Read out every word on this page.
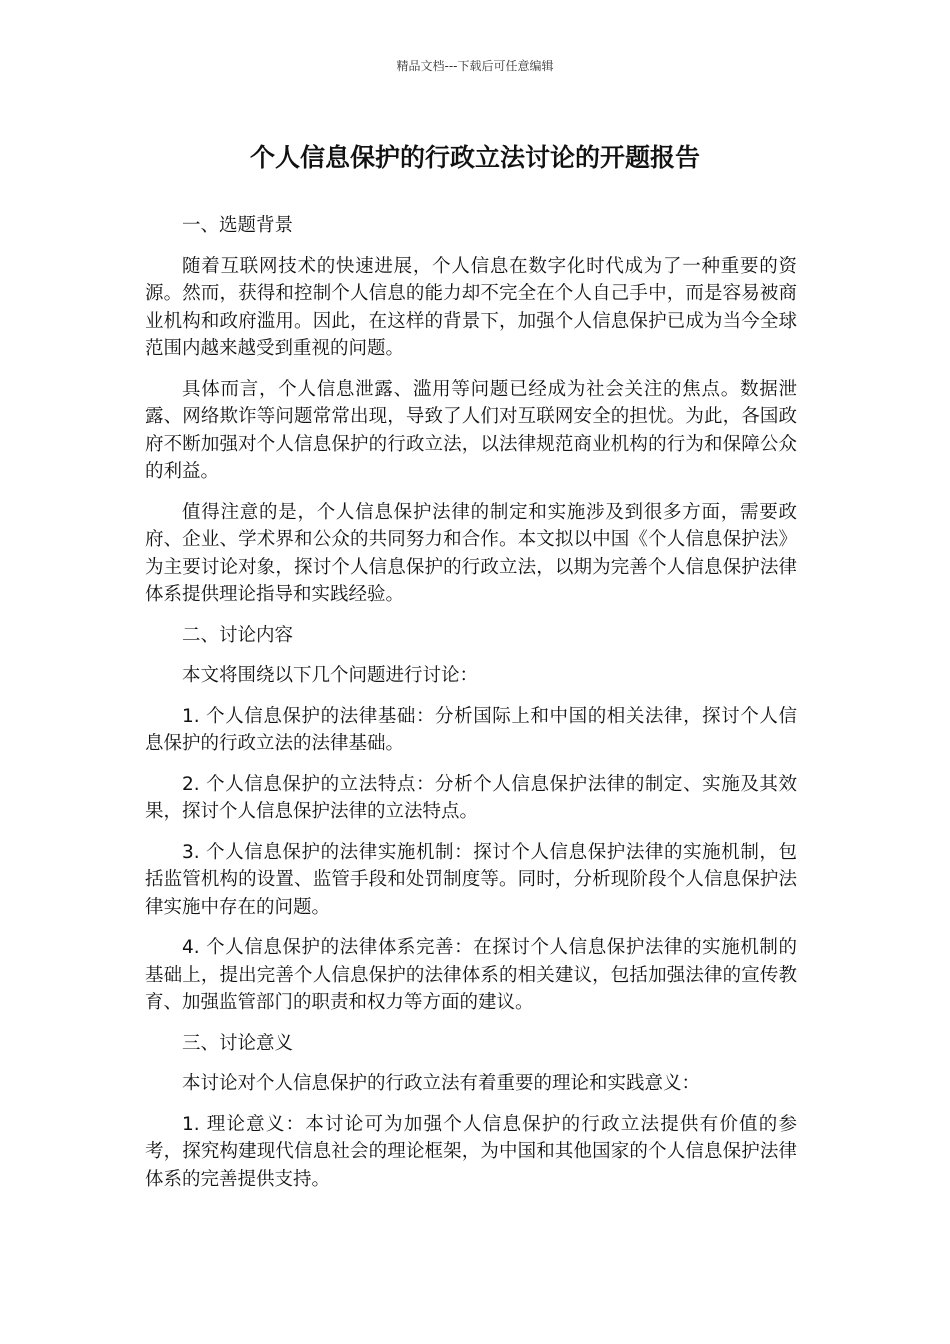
精品文档---下载后可任意编辑
个人信息保护的行政立法讨论的开题报告

一、选题背景

随着互联网技术的快速进展，个人信息在数字化时代成为了一种重要的资源。然而，获得和控制个人信息的能力却不完全在个人自己手中，而是容易被商业机构和政府滥用。因此，在这样的背景下，加强个人信息保护已成为当今全球范围内越来越受到重视的问题。

具体而言，个人信息泄露、滥用等问题已经成为社会关注的焦点。数据泄露、网络欺诈等问题常常出现，导致了人们对互联网安全的担忧。为此，各国政府不断加强对个人信息保护的行政立法，以法律规范商业机构的行为和保障公众的利益。

值得注意的是，个人信息保护法律的制定和实施涉及到很多方面，需要政府、企业、学术界和公众的共同努力和合作。本文拟以中国《个人信息保护法》为主要讨论对象，探讨个人信息保护的行政立法，以期为完善个人信息保护法律体系提供理论指导和实践经验。

二、讨论内容

本文将围绕以下几个问题进行讨论：

1. 个人信息保护的法律基础：分析国际上和中国的相关法律，探讨个人信息保护的行政立法的法律基础。

2. 个人信息保护的立法特点：分析个人信息保护法律的制定、实施及其效果，探讨个人信息保护法律的立法特点。

3. 个人信息保护的法律实施机制：探讨个人信息保护法律的实施机制，包括监管机构的设置、监管手段和处罚制度等。同时，分析现阶段个人信息保护法律实施中存在的问题。

4. 个人信息保护的法律体系完善：在探讨个人信息保护法律的实施机制的基础上，提出完善个人信息保护的法律体系的相关建议，包括加强法律的宣传教育、加强监管部门的职责和权力等方面的建议。

三、讨论意义

本讨论对个人信息保护的行政立法有着重要的理论和实践意义：

1. 理论意义：本讨论可为加强个人信息保护的行政立法提供有价值的参考，探究构建现代信息社会的理论框架，为中国和其他国家的个人信息保护法律体系的完善提供支持。
